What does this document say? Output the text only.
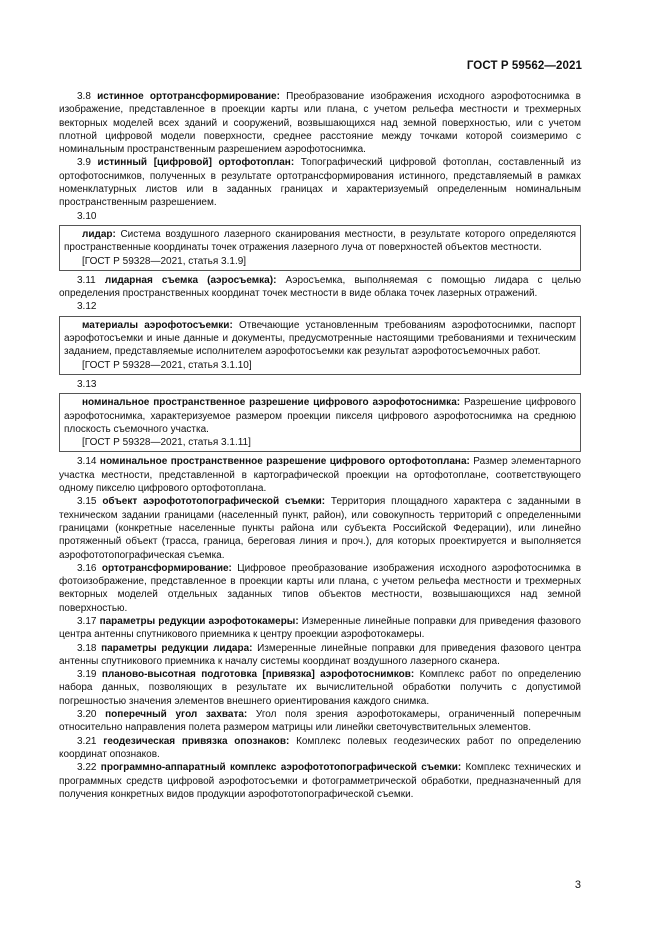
ГОСТ Р 59562—2021

3.8 истинное ортотрансформирование: Преобразование изображения исходного аэрофотоснимка в изображение, представленное в проекции карты или плана, с учетом рельефа местности и трехмерных векторных моделей всех зданий и сооружений, возвышающихся над земной поверхностью, или с учетом плотной цифровой модели поверхности, среднее расстояние между точками которой соизмеримо с номинальным пространственным разрешением аэрофотоснимка.

3.9 истинный [цифровой] ортофотоплан: Топографический цифровой фотоплан, составленный из ортофотоснимков, полученных в результате ортотрансформирования истинного, представляемый в рамках номенклатурных листов или в заданных границах и характеризуемый определенным номинальным пространственным разрешением.

3.10

лидар: Система воздушного лазерного сканирования местности, в результате которого определяются пространственные координаты точек отражения лазерного луча от поверхностей объектов местности.

[ГОСТ Р 59328—2021, статья 3.1.9]

3.11 лидарная съемка (аэросъемка): Аэросъемка, выполняемая с помощью лидара с целью определения пространственных координат точек местности в виде облака точек лазерных отражений.

3.12

материалы аэрофотосъемки: Отвечающие установленным требованиям аэрофотоснимки, паспорт аэрофотосъемки и иные данные и документы, предусмотренные настоящими требованиями и техническим заданием, представляемые исполнителем аэрофотосъемки как результат аэрофотосъемочных работ.

[ГОСТ Р 59328—2021, статья 3.1.10]

3.13

номинальное пространственное разрешение цифрового аэрофотоснимка: Разрешение цифрового аэрофотоснимка, характеризуемое размером проекции пикселя цифрового аэрофотоснимка на среднюю плоскость съемочного участка.

[ГОСТ Р 59328—2021, статья 3.1.11]

3.14 номинальное пространственное разрешение цифрового ортофотоплана: Размер элементарного участка местности, представленной в картографической проекции на ортофотоплане, соответствующего одному пикселю цифрового ортофотоплана.

3.15 объект аэрофототопографической съемки: Территория площадного характера с заданными в техническом задании границами (населенный пункт, район), или совокупность территорий с определенными границами (конкретные населенные пункты района или субъекта Российской Федерации), или линейно протяженный объект (трасса, граница, береговая линия и проч.), для которых проектируется и выполняется аэрофототопографическая съемка.

3.16 ортотрансформирование: Цифровое преобразование изображения исходного аэрофотоснимка в фотоизображение, представленное в проекции карты или плана, с учетом рельефа местности и трехмерных векторных моделей отдельных заданных типов объектов местности, возвышающихся над земной поверхностью.

3.17 параметры редукции аэрофотокамеры: Измеренные линейные поправки для приведения фазового центра антенны спутникового приемника к центру проекции аэрофотокамеры.

3.18 параметры редукции лидара: Измеренные линейные поправки для приведения фазового центра антенны спутникового приемника к началу системы координат воздушного лазерного сканера.

3.19 планово-высотная подготовка [привязка] аэрофотоснимков: Комплекс работ по определению набора данных, позволяющих в результате их вычислительной обработки получить с допустимой погрешностью значения элементов внешнего ориентирования каждого снимка.

3.20 поперечный угол захвата: Угол поля зрения аэрофотокамеры, ограниченный поперечным относительно направления полета размером матрицы или линейки светочувствительных элементов.

3.21 геодезическая привязка опознаков: Комплекс полевых геодезических работ по определению координат опознаков.

3.22 программно-аппаратный комплекс аэрофототопографической съемки: Комплекс технических и программных средств цифровой аэрофотосъемки и фотограмметрической обработки, предназначенный для получения конкретных видов продукции аэрофототопографической съемки.

3
